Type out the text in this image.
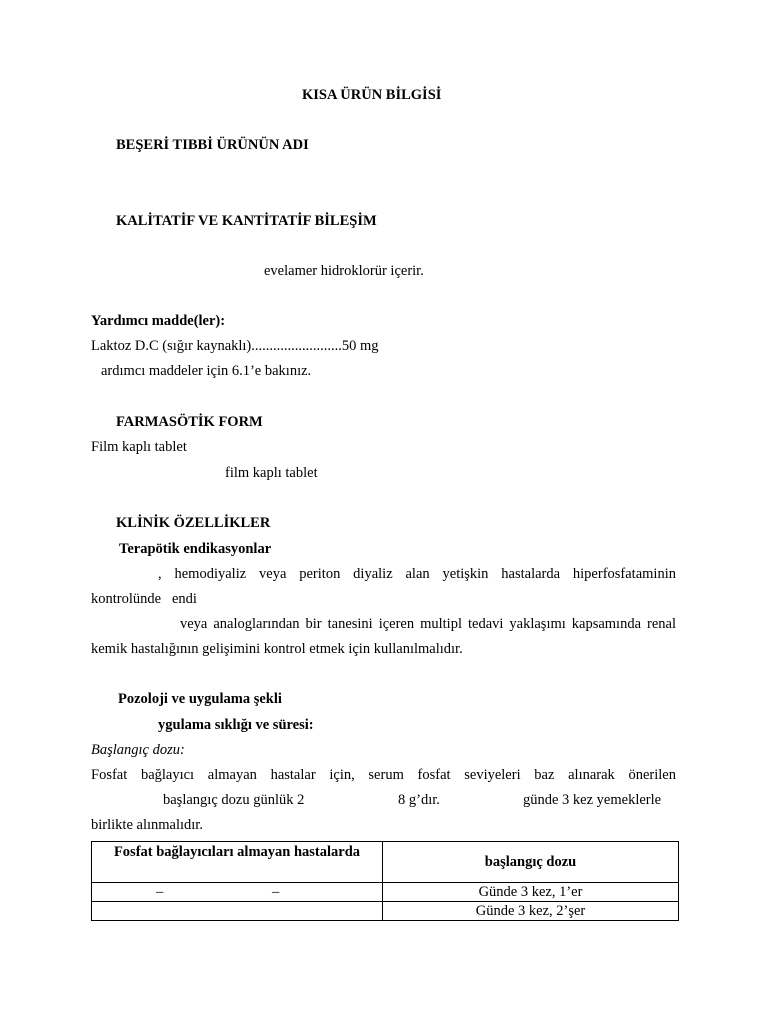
KISA ÜRÜN BİLGİSİ
BEŞERİ TIBBİ ÜRÜNÜN ADI
KALİTATİF VE KANTİTATİF BİLEŞİM
evelamer hidroklorür içerir.
Yardımcı madde(ler):
Laktoz D.C (sığır kaynaklı).........................50 mg
ardımcı maddeler için 6.1’e bakınız.
FARMASÖTİK FORM
Film kaplı tablet
film kaplı tablet
KLİNİK ÖZELLİKLER
Terapötik endikasyonlar
, hemodiyaliz veya periton diyaliz alan yetişkin hastalarda hiperfosfataminin
kontrolünde   endi
veya analoglarından bir tanesini içeren multipl tedavi yaklaşımı kapsamında renal
kemik hastalığının gelişimini kontrol etmek için kullanılmalıdır.
Pozoloji ve uygulama şekli
ygulama sıklığı ve süresi:
Başlangıç dozu:
Fosfat bağlayıcı almayan hastalar için, serum fosfat seviyeleri baz alınarak önerilen
başlangıç dozu günlük 2	8 g’dır.	günde 3 kez yemeklerle
birlikte alınmalıdır.
Fosfat bağlayıcıları almayan hastalarda	başlangıç dozu

– –	Günde 3 kez, 1’er

	Günde 3 kez, 2’şer
